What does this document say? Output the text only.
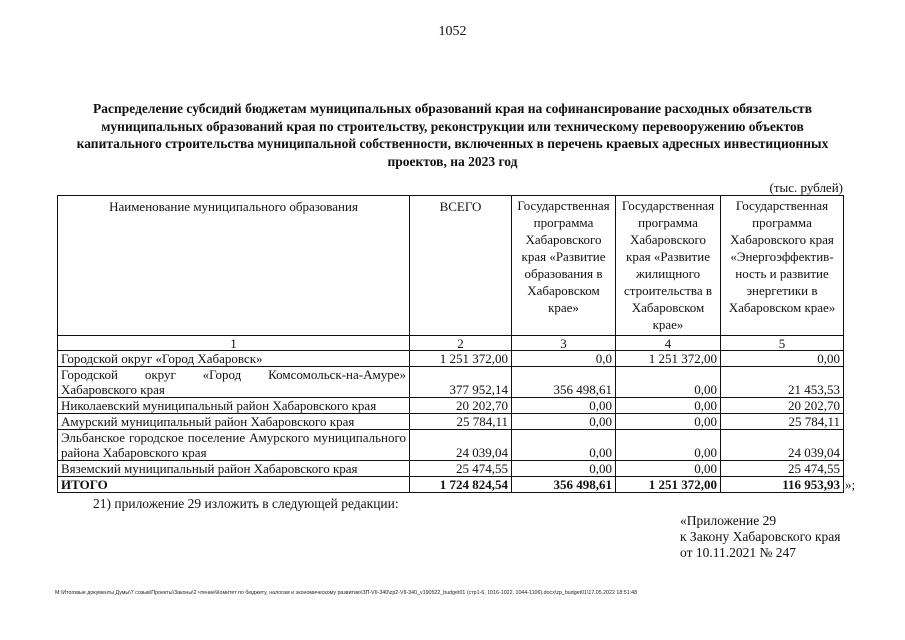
1052
Распределение субсидий бюджетам муниципальных образований края на софинансирование расходных обязательств муниципальных образований края по строительству, реконструкции или техническому перевооружению объектов капитального строительства муниципальной собственности, включенных в перечень краевых адресных инвестиционных проектов, на 2023 год
(тыс. рублей)
Наименование муниципального образования	ВСЕГО	Государственная программа Хабаровского края «Развитие образования в Хабаровском крае»	Государственная программа Хабаровского края «Развитие жилищного строительства в Хабаровском крае»	Государственная программа Хабаровского края «Энергоэффектив-ность и развитие энергетики в Хабаровском крае»
1	2	3	4	5
Городской округ «Город Хабаровск»	1 251 372,00	0,0	1 251 372,00	0,00
Городской округ «Город Комсомольск-на-Амуре» Хабаровского края	377 952,14	356 498,61	0,00	21 453,53
Николаевский муниципальный район Хабаровского края	20 202,70	0,00	0,00	20 202,70
Амурский муниципальный район Хабаровского края	25 784,11	0,00	0,00	25 784,11
Эльбанское городское поселение Амурского муниципального района Хабаровского края	24 039,04	0,00	0,00	24 039,04
Вяземский муниципальный район Хабаровского края	25 474,55	0,00	0,00	25 474,55
ИТОГО	1 724 824,54	356 498,61	1 251 372,00	116 953,93 »;
21) приложение 29 изложить в следующей редакции:
«Приложение 29
к Закону Хабаровского края
от 10.11.2021 № 247
M:\Итоговые документы Думы\7 созыв\Проекты\Законы\2 чтение\Комитет по бюджету, налогам и экономическому развитию\ЗП-VII-340\zp2-VII-340_v190522_budget01 (стр1-6, 1016-1022, 1044-1106).docx\zp_budget01\17.05.2022 18:51:48
